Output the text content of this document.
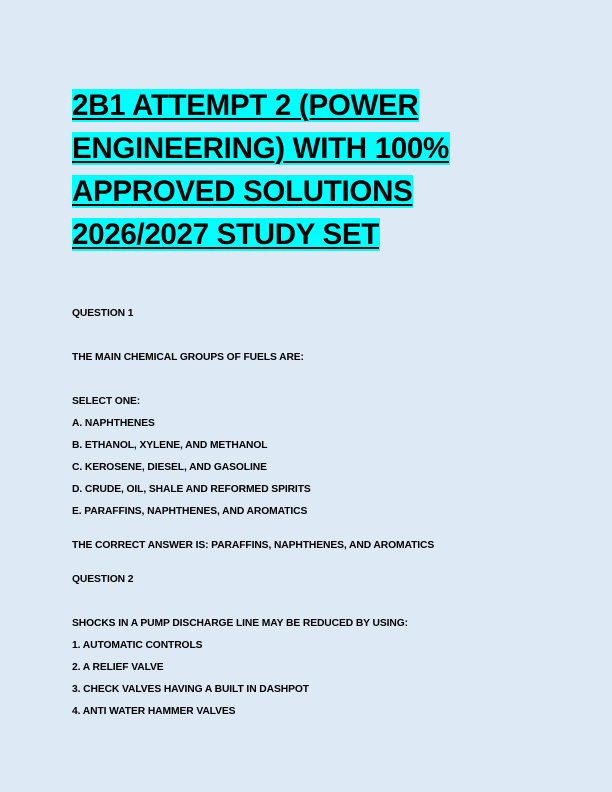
2B1 ATTEMPT 2 (POWER
ENGINEERING) WITH 100%
APPROVED SOLUTIONS
2026/2027 STUDY SET

QUESTION 1

THE MAIN CHEMICAL GROUPS OF FUELS ARE:

SELECT ONE:

A. NAPHTHENES

B. ETHANOL, XYLENE, AND METHANOL

C. KEROSENE, DIESEL, AND GASOLINE

D. CRUDE, OIL, SHALE AND REFORMED SPIRITS

E. PARAFFINS, NAPHTHENES, AND AROMATICS

THE CORRECT ANSWER IS: PARAFFINS, NAPHTHENES, AND AROMATICS

QUESTION 2

SHOCKS IN A PUMP DISCHARGE LINE MAY BE REDUCED BY USING:

1. AUTOMATIC CONTROLS

2. A RELIEF VALVE

3. CHECK VALVES HAVING A BUILT IN DASHPOT

4. ANTI WATER HAMMER VALVES
